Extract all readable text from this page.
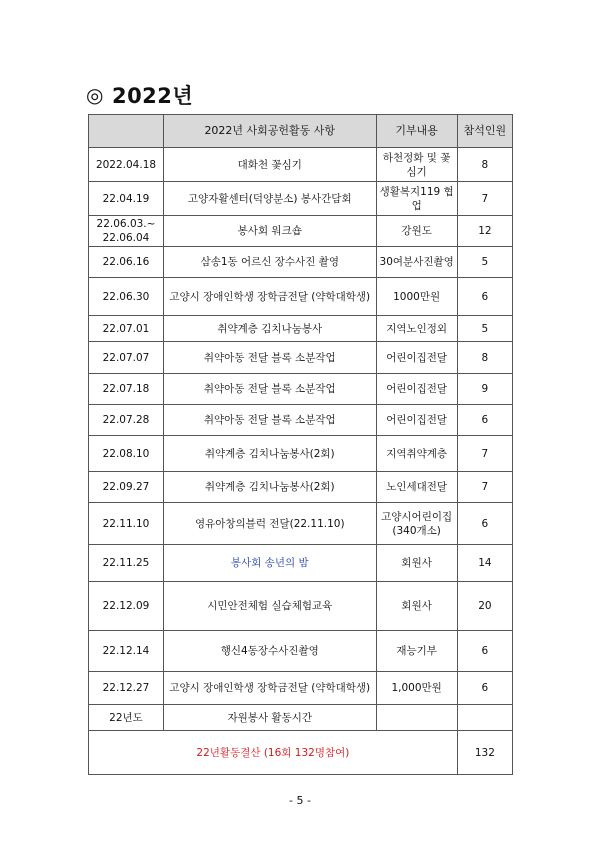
◎ 2022년
	2022년 사회공헌활동 사항	기부내용	참석인원
2022.04.18	대화천 꽃심기	하천정화 및 꽃심기	8
22.04.19	고양자활센터(덕양분소) 봉사간담회	생활복지119 협업	7
22.06.03.~ 22.06.04	봉사회 워크숍	강원도	12
22.06.16	삼송1동 어르신 장수사진 촬영	30여분사진촬영	5
22.06.30	고양시 장애인학생 장학금전달 (약학대학생)	1000만원	6
22.07.01	취약계층 김치나눔봉사	지역노인정외	5
22.07.07	취약아동 전달 블록 소분작업	어린이집전달	8
22.07.18	취약아동 전달 블록 소분작업	어린이집전달	9
22.07.28	취약아동 전달 블록 소분작업	어린이집전달	6
22.08.10	취약계층 김치나눔봉사(2회)	지역취약계층	7
22.09.27	취약계층 김치나눔봉사(2회)	노인세대전달	7
22.11.10	영유아창의블럭 전달(22.11.10)	고양시어린이집(340개소)	6
22.11.25	봉사회 송년의 밤	회원사	14
22.12.09	시민안전체험 실습체험교육	회원사	20
22.12.14	행신4동장수사진촬영	재능기부	6
22.12.27	고양시 장애인학생 장학금전달 (약학대학생)	1,000만원	6
22년도	자원봉사 활동시간		
22년활동결산 (16회 132명참여)			132
- 5 -
